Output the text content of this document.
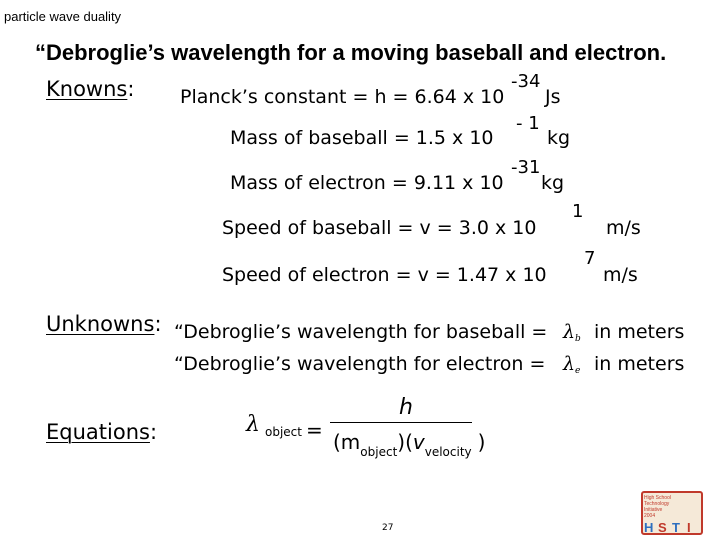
particle wave duality
“Debroglie’s wavelength for a moving baseball and electron.
Knowns: Planck’s constant = h = 6.64 x 10
-34
Js
Mass of baseball = 1.5 x 10
- 1
kg
Mass of electron = 9.11 x 10
-31
kg
Speed of baseball = v = 3.0 x 10
1
m/s
Speed of electron = v = 1.47 x 10
7
m/s
Unknowns: “Debroglie’s wavelength for baseball = $\lambda_b$ in meters
“Debroglie’s wavelength for electron = $\lambda_e$ in meters
Equations:	λ object =
h
$(m_{object})(v_{velocity}$ )
27
High School
Technology
Initiative
2004
H S T I
